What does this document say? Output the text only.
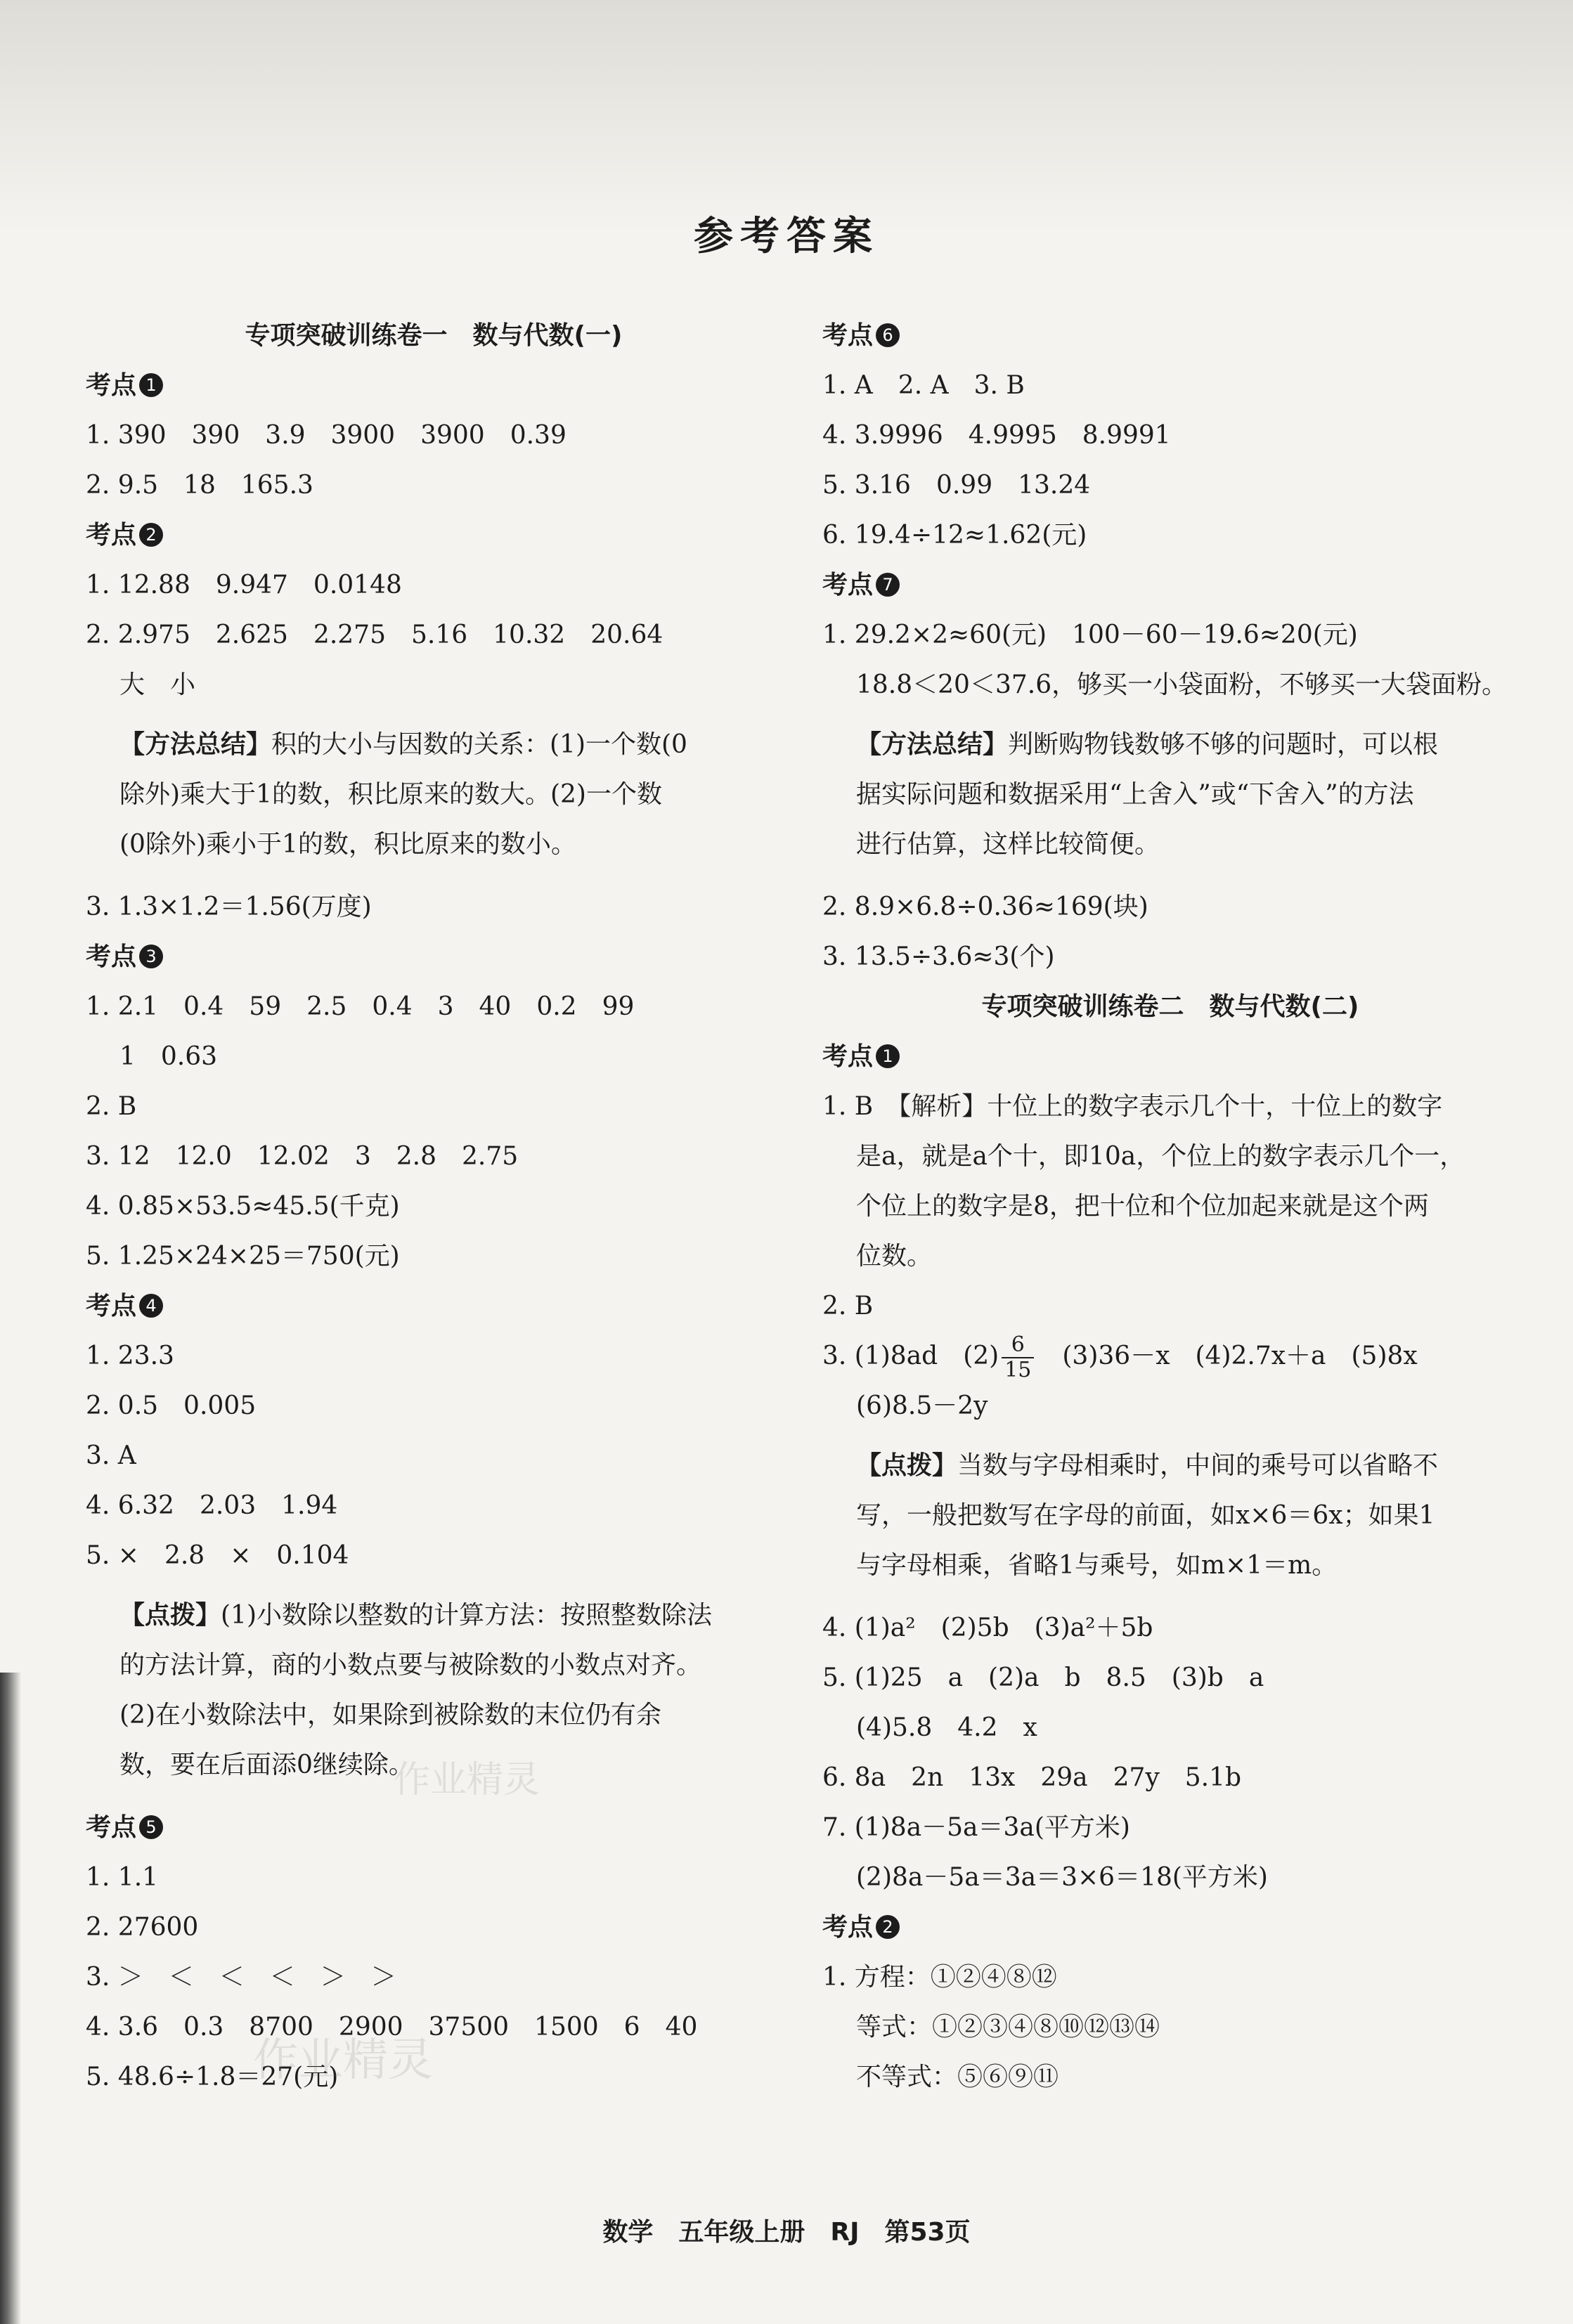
参考答案
专项突破训练卷一　数与代数(一)
考点 1
1. 390　390　3.9　3900　3900　0.39
2. 9.5　18　165.3
考点 2
1. 12.88　9.947　0.0148
2. 2.975　2.625　2.275　5.16　10.32　20.64
大　小
【方法总结】积的大小与因数的关系：(1)一个数(0
除外)乘大于1的数，积比原来的数大。(2)一个数
(0除外)乘小于1的数，积比原来的数小。
3. 1.3×1.2＝1.56(万度)
考点 3
1. 2.1　0.4　59　2.5　0.4　3　40　0.2　99
1　0.63
2. B
3. 12　12.0　12.02　3　2.8　2.75
4. 0.85×53.5≈45.5(千克)
5. 1.25×24×25＝750(元)
考点 4
1. 23.3
2. 0.5　0.005
3. A
4. 6.32　2.03　1.94
5. ×　2.8　×　0.104
【点拨】(1)小数除以整数的计算方法：按照整数除法
的方法计算，商的小数点要与被除数的小数点对齐。
(2)在小数除法中，如果除到被除数的末位仍有余
数，要在后面添0继续除。
考点 5
1. 1.1
2. 27600
3. ＞　＜　＜　＜　＞　＞
4. 3.6　0.3　8700　2900　37500　1500　6　40
5. 48.6÷1.8＝27(元)
考点 6
1. A　2. A　3. B
4. 3.9996　4.9995　8.9991
5. 3.16　0.99　13.24
6. 19.4÷12≈1.62(元)
考点 7
1. 29.2×2≈60(元)　100－60－19.6≈20(元)
18.8＜20＜37.6，够买一小袋面粉，不够买一大袋面粉。
【方法总结】判断购物钱数够不够的问题时，可以根
据实际问题和数据采用“上舍入”或“下舍入”的方法
进行估算，这样比较简便。
2. 8.9×6.8÷0.36≈169(块)
3. 13.5÷3.6≈3(个)
专项突破训练卷二　数与代数(二)
考点 1
1. B　【解析】十位上的数字表示几个十，十位上的数字
是a，就是a个十，即10a，个位上的数字表示几个一，
个位上的数字是8，把十位和个位加起来就是这个两
位数。
2. B
3. (1)8ad　$(2) \frac{6}{15}$ 　(3)36－x　(4)2.7x＋a　(5)8x
(6)8.5－2y
【点拨】当数与字母相乘时，中间的乘号可以省略不
写，一般把数写在字母的前面，如x×6＝6x；如果1
与字母相乘，省略1与乘号，如m×1＝m。
4. (1)a²　(2)5b　(3)a²＋5b
5. (1)25　a　(2)a　b　8.5　(3)b　a
(4)5.8　4.2　x
6. 8a　2n　13x　29a　27y　5.1b
7. (1)8a－5a＝3a(平方米)
(2)8a－5a＝3a＝3×6＝18(平方米)
考点 2
1. 方程：①②④⑧⑫
等式：①②③④⑧⑩⑫⑬⑭
不等式：⑤⑥⑨⑪
作业精灵
作业精灵
数学　五年级上册　RJ　第53页
